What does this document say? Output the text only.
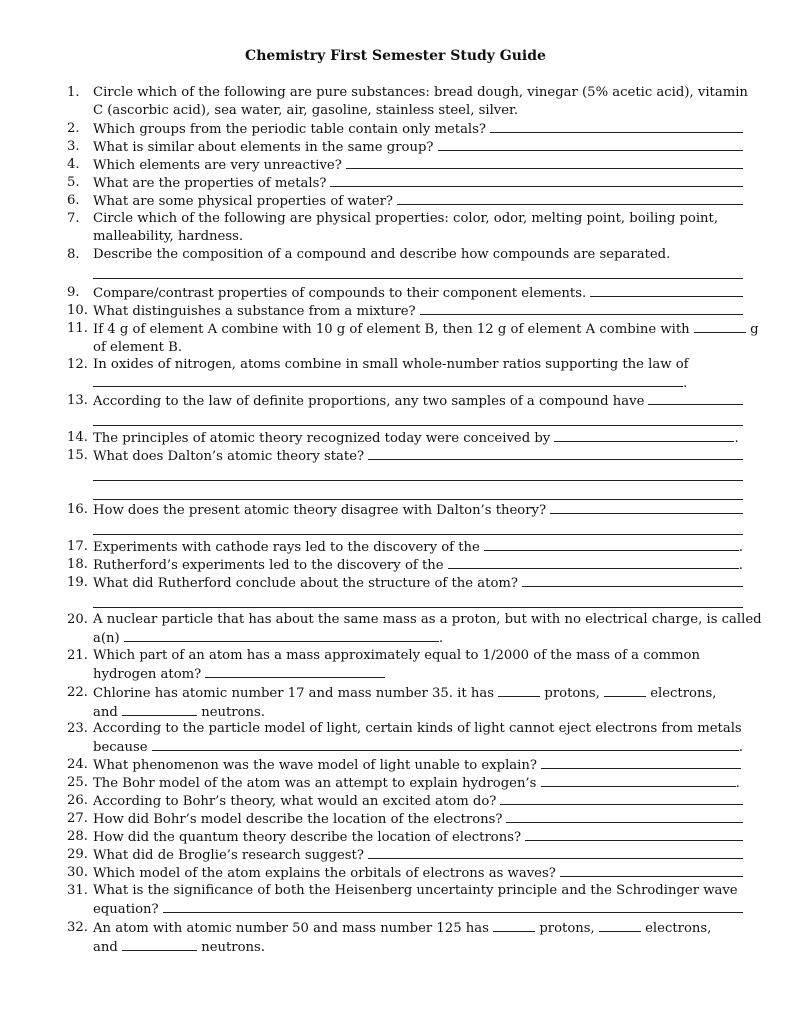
Chemistry First Semester Study Guide
1. Circle which of the following are pure substances: bread dough, vinegar (5% acetic acid), vitamin
C (ascorbic acid), sea water, air, gasoline, stainless steel, silver.
2. Which groups from the periodic table contain only metals?
3. What is similar about elements in the same group?
4. Which elements are very unreactive?
5. What are the properties of metals?
6. What are some physical properties of water?
7. Circle which of the following are physical properties: color, odor, melting point, boiling point,
malleability, hardness.
8. Describe the composition of a compound and describe how compounds are separated.
9. Compare/contrast properties of compounds to their component elements.
10. What distinguishes a substance from a mixture?
11. If 4 g of element A combine with 10 g of element B, then 12 g of element A combine with	g
of element B.
12. In oxides of nitrogen, atoms combine in small whole-number ratios supporting the law of
.
13. According to the law of definite proportions, any two samples of a compound have
14. The principles of atomic theory recognized today were conceived by	.
15. What does Dalton’s atomic theory state?
16. How does the present atomic theory disagree with Dalton’s theory?
17. Experiments with cathode rays led to the discovery of the	.
18. Rutherford’s experiments led to the discovery of the	.
19. What did Rutherford conclude about the structure of the atom?
20. A nuclear particle that has about the same mass as a proton, but with no electrical charge, is called
a(n)	.
21. Which part of an atom has a mass approximately equal to 1/2000 of the mass of a common
hydrogen atom?
22. Chlorine has atomic number 17 and mass number 35. it has	protons,	electrons,
and	neutrons.
23. According to the particle model of light, certain kinds of light cannot eject electrons from metals
because	.
24. What phenomenon was the wave model of light unable to explain?
25. The Bohr model of the atom was an attempt to explain hydrogen’s	.
26. According to Bohr’s theory, what would an excited atom do?
27. How did Bohr’s model describe the location of the electrons?
28. How did the quantum theory describe the location of electrons?
29. What did de Broglie’s research suggest?
30. Which model of the atom explains the orbitals of electrons as waves?
31. What is the significance of both the Heisenberg uncertainty principle and the Schrodinger wave
equation?
32. An atom with atomic number 50 and mass number 125 has	protons,	electrons,
and	neutrons.
